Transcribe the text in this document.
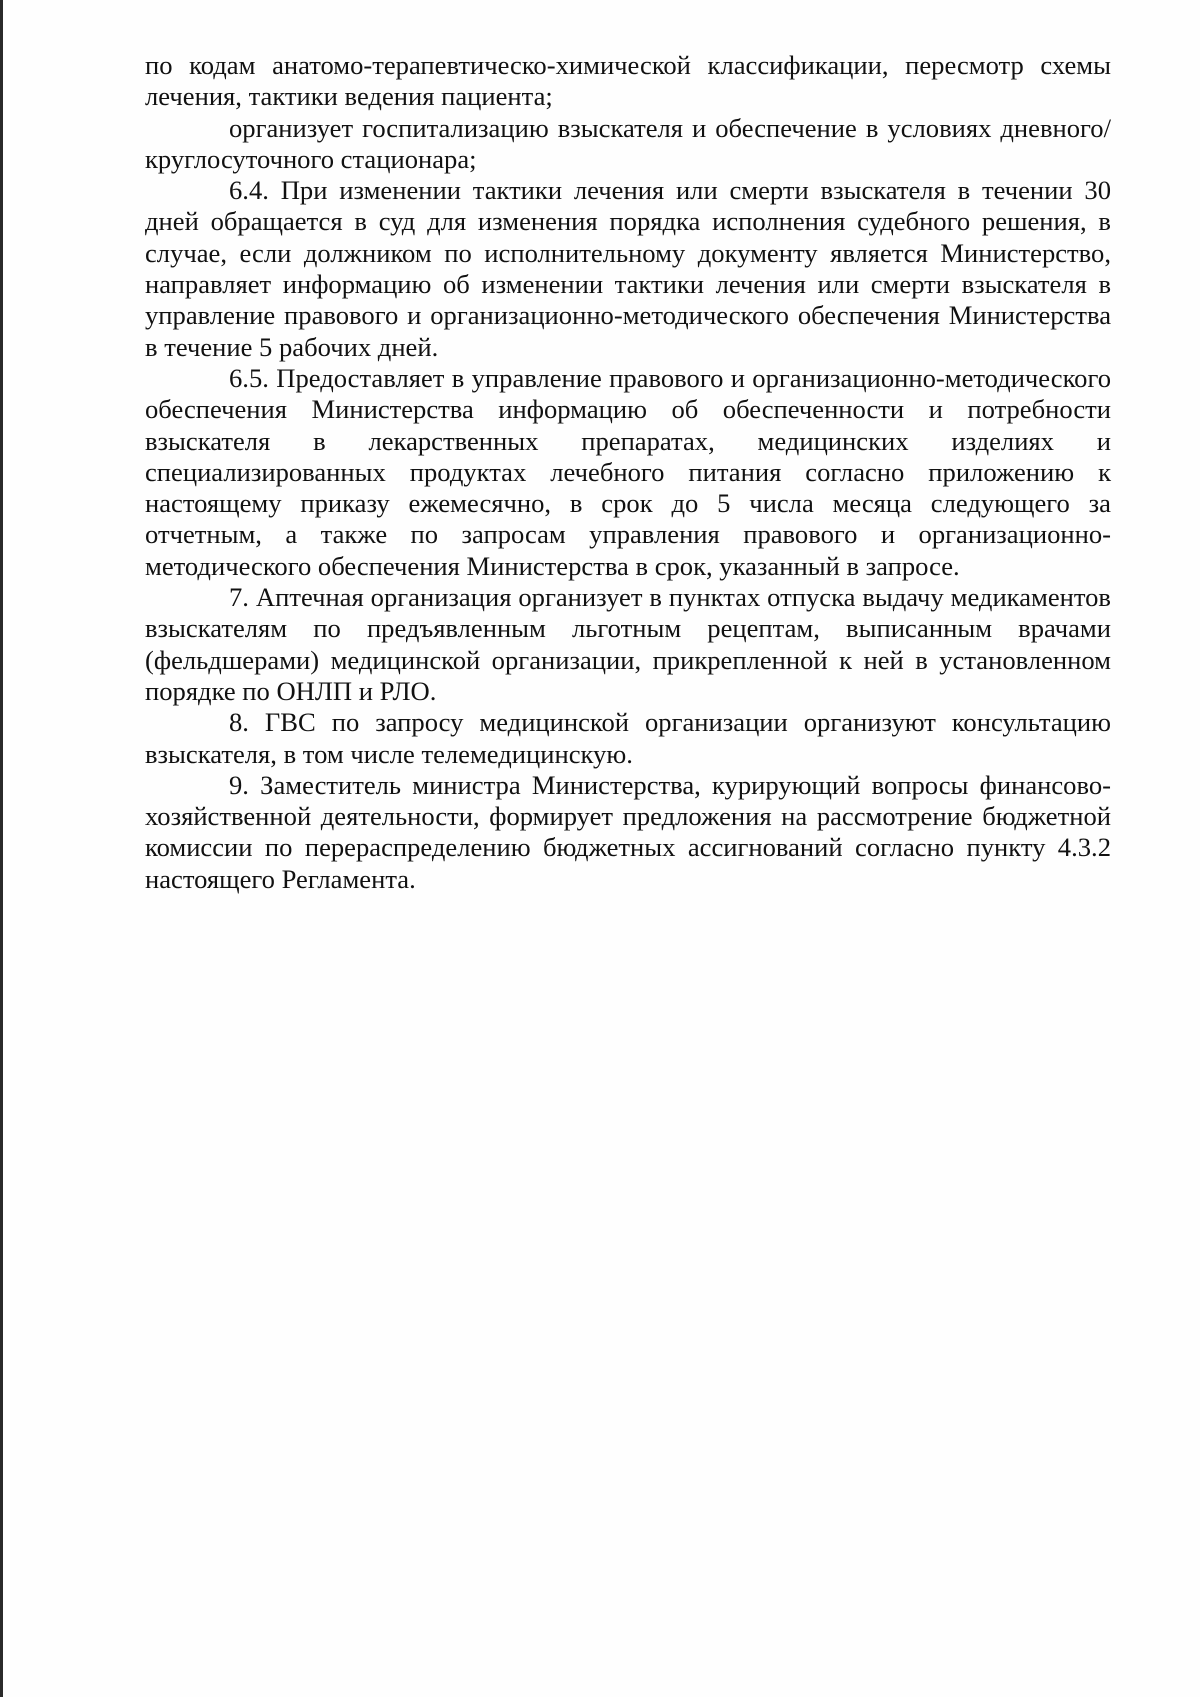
по кодам анатомо-терапевтическо-химической классификации, пересмотр схемы лечения, тактики ведения пациента;

организует госпитализацию взыскателя и обеспечение в условиях дневного/круглосуточного стационара;

6.4. При изменении тактики лечения или смерти взыскателя в течении 30 дней обращается в суд для изменения порядка исполнения судебного решения, в случае, если должником по исполнительному документу является Министерство, направляет информацию об изменении тактики лечения или смерти взыскателя в управление правового и организационно-методического обеспечения Министерства в течение 5 рабочих дней.

6.5. Предоставляет в управление правового и организационно-методического обеспечения Министерства информацию об обеспеченности и потребности взыскателя в лекарственных препаратах, медицинских изделиях и специализированных продуктах лечебного питания согласно приложению к настоящему приказу ежемесячно, в срок до 5 числа месяца следующего за отчетным, а также по запросам управления правового и организационно-методического обеспечения Министерства в срок, указанный в запросе.

7. Аптечная организация организует в пунктах отпуска выдачу медикаментов взыскателям по предъявленным льготным рецептам, выписанным врачами (фельдшерами) медицинской организации, прикрепленной к ней в установленном порядке по ОНЛП и РЛО.

8. ГВС по запросу медицинской организации организуют консультацию взыскателя, в том числе телемедицинскую.

9. Заместитель министра Министерства, курирующий вопросы финансово-хозяйственной деятельности, формирует предложения на рассмотрение бюджетной комиссии по перераспределению бюджетных ассигнований согласно пункту 4.3.2 настоящего Регламента.
